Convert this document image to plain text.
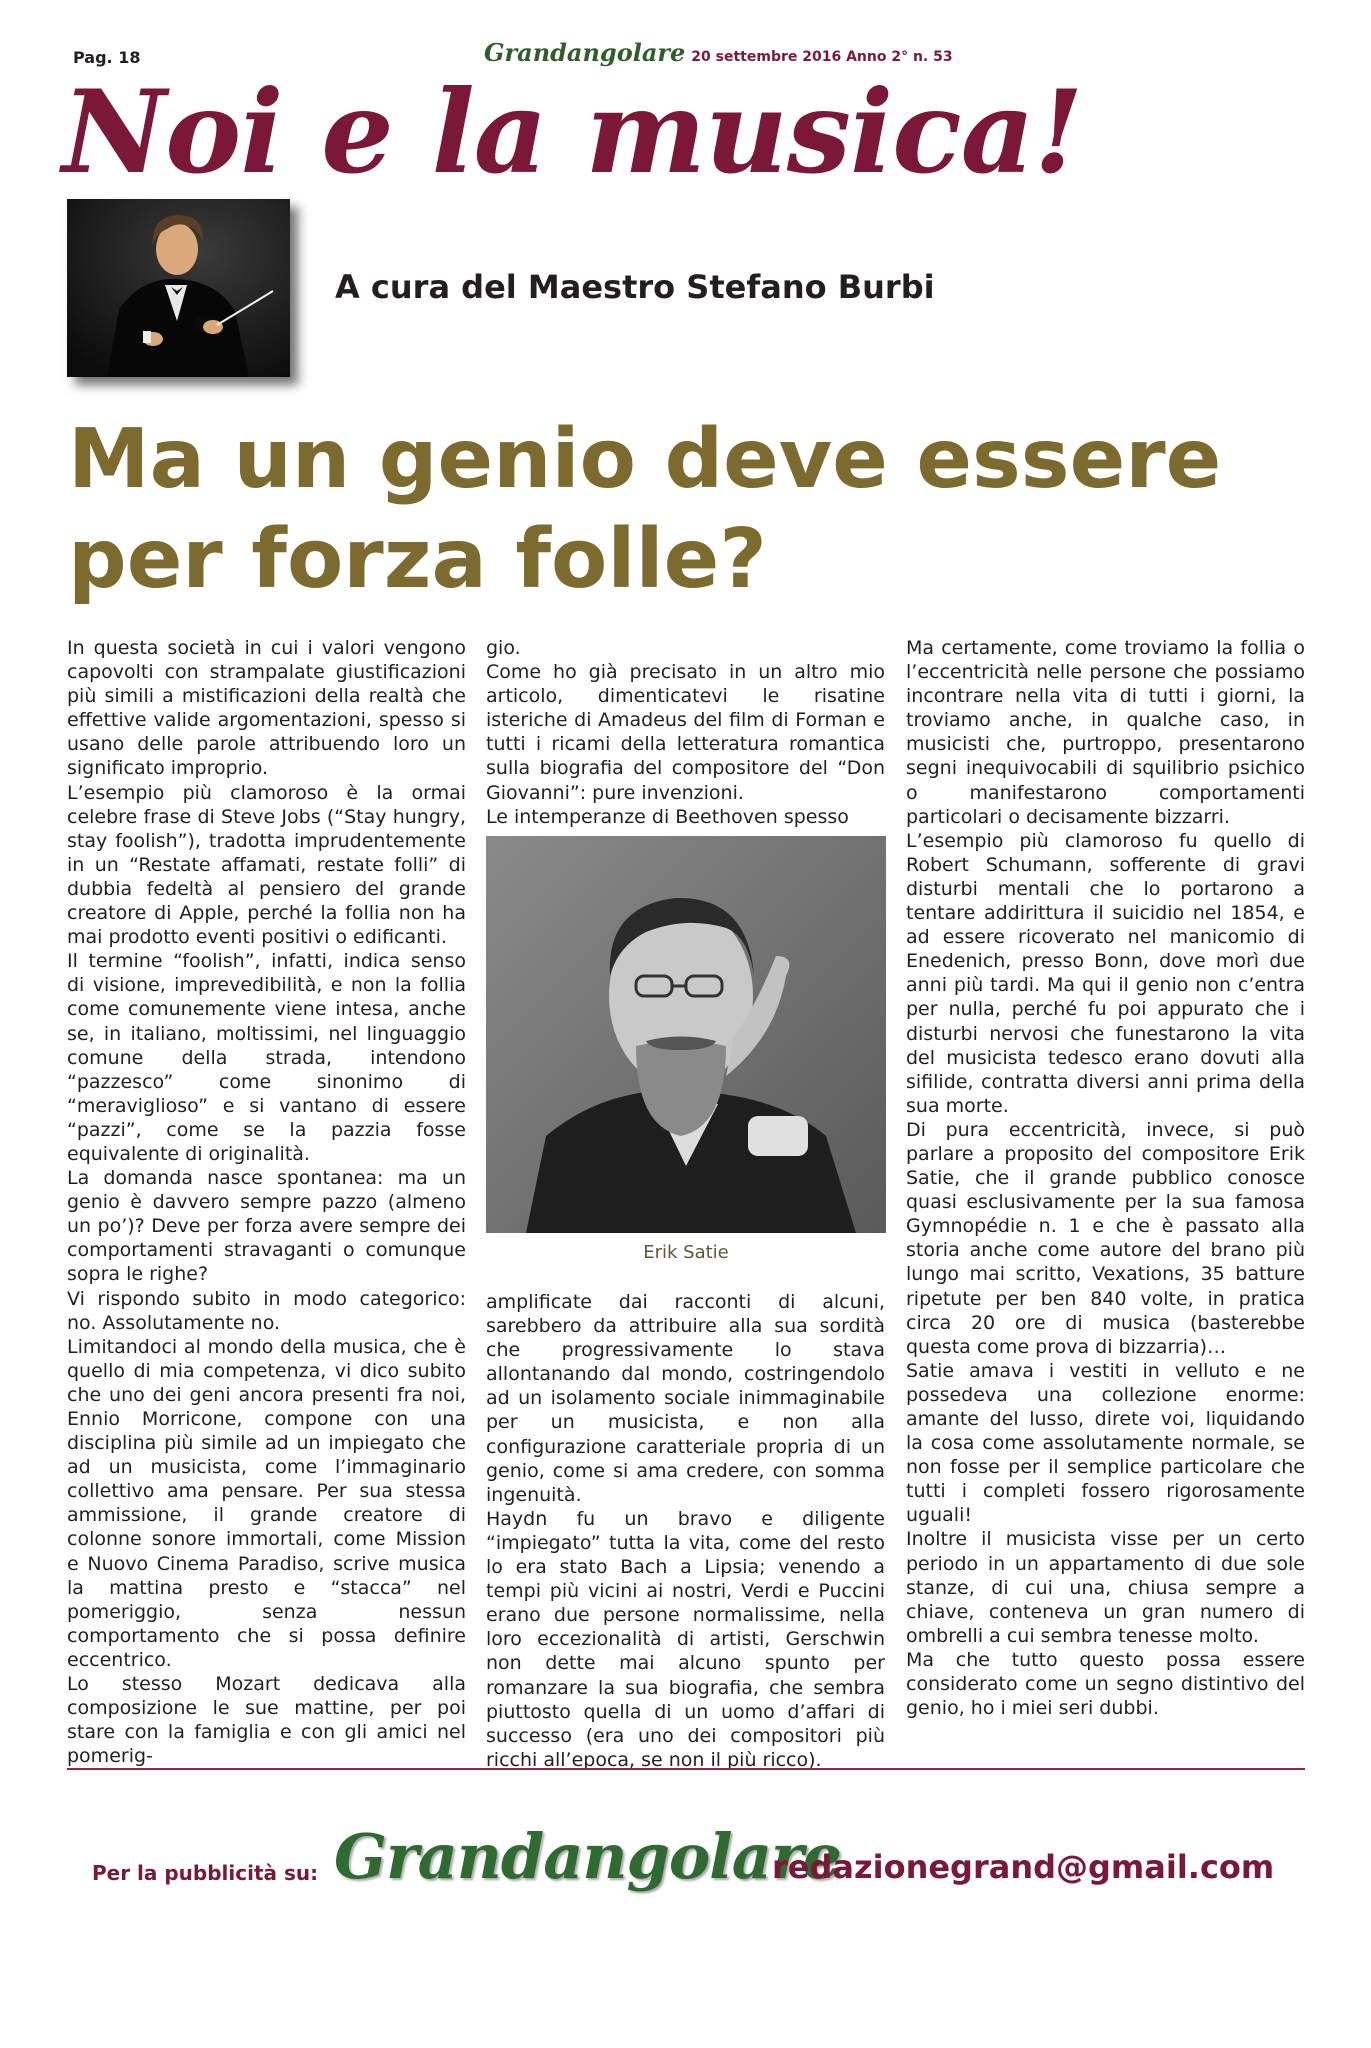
Pag. 18	Grandangolare 20 settembre 2016 Anno 2° n. 53
Noi e la musica!
A cura del Maestro Stefano Burbi
Ma un genio deve essere per forza folle?

In questa società in cui i valori vengono capovolti con strampalate giustificazioni più simili a mistificazioni della realtà che effettive valide argomentazioni, spesso si usano delle parole attribuendo loro un significato improprio.

L’esempio più clamoroso è la ormai celebre frase di Steve Jobs (“Stay hungry, stay foolish”), tradotta imprudentemente in un “Restate affamati, restate folli” di dubbia fedeltà al pensiero del grande creatore di Apple, perché la follia non ha mai prodotto eventi positivi o edificanti.

Il termine “foolish”, infatti, indica senso di visione, imprevedibilità, e non la follia come comunemente viene intesa, anche se, in italiano, moltissimi, nel linguaggio comune della strada, intendono “pazzesco” come sinonimo di “meraviglioso” e si vantano di essere “pazzi”, come se la pazzia fosse equivalente di originalità.

La domanda nasce spontanea: ma un genio è davvero sempre pazzo (almeno un po’)? Deve per forza avere sempre dei comportamenti stravaganti o comunque sopra le righe?

Vi rispondo subito in modo categorico: no. Assolutamente no.

Limitandoci al mondo della musica, che è quello di mia competenza, vi dico subito che uno dei geni ancora presenti fra noi, Ennio Morricone, compone con una disciplina più simile ad un impiegato che ad un musicista, come l’immaginario collettivo ama pensare. Per sua stessa ammissione, il grande creatore di colonne sonore immortali, come Mission e Nuovo Cinema Paradiso, scrive musica la mattina presto e “stacca” nel pomeriggio, senza nessun comportamento che si possa definire eccentrico.

Lo stesso Mozart dedicava alla composizione le sue mattine, per poi stare con la famiglia e con gli amici nel pomerig-

gio.

Come ho già precisato in un altro mio articolo, dimenticatevi le risatine isteriche di Amadeus del film di Forman e tutti i ricami della letteratura romantica sulla biografia del compositore del “Don Giovanni”: pure invenzioni.

Le intemperanze di Beethoven spesso

Erik Satie

amplificate dai racconti di alcuni, sarebbero da attribuire alla sua sordità che progressivamente lo stava allontanando dal mondo, costringendolo ad un isolamento sociale inimmaginabile per un musicista, e non alla configurazione caratteriale propria di un genio, come si ama credere, con somma ingenuità.

Haydn fu un bravo e diligente “impiegato” tutta la vita, come del resto lo era stato Bach a Lipsia; venendo a tempi più vicini ai nostri, Verdi e Puccini erano due persone normalissime, nella loro eccezionalità di artisti, Gerschwin non dette mai alcuno spunto per romanzare la sua biografia, che sembra piuttosto quella di un uomo d’affari di successo (era uno dei compositori più ricchi all’epoca, se non il più ricco).

Ma certamente, come troviamo la follia o l’eccentricità nelle persone che possiamo incontrare nella vita di tutti i giorni, la troviamo anche, in qualche caso, in musicisti che, purtroppo, presentarono segni inequivocabili di squilibrio psichico o manifestarono comportamenti particolari o decisamente bizzarri.

L’esempio più clamoroso fu quello di Robert Schumann, sofferente di gravi disturbi mentali che lo portarono a tentare addirittura il suicidio nel 1854, e ad essere ricoverato nel manicomio di Enedenich, presso Bonn, dove morì due anni più tardi. Ma qui il genio non c’entra per nulla, perché fu poi appurato che i disturbi nervosi che funestarono la vita del musicista tedesco erano dovuti alla sifilide, contratta diversi anni prima della sua morte.

Di pura eccentricità, invece, si può parlare a proposito del compositore Erik Satie, che il grande pubblico conosce quasi esclusivamente per la sua famosa Gymnopédie n. 1 e che è passato alla storia anche come autore del brano più lungo mai scritto, Vexations, 35 batture ripetute per ben 840 volte, in pratica circa 20 ore di musica (basterebbe questa come prova di bizzarria)…

Satie amava i vestiti in velluto e ne possedeva una collezione enorme: amante del lusso, direte voi, liquidando la cosa come assolutamente normale, se non fosse per il semplice particolare che tutti i completi fossero rigorosamente uguali!

Inoltre il musicista visse per un certo periodo in un appartamento di due sole stanze, di cui una, chiusa sempre a chiave, conteneva un gran numero di ombrelli a cui sembra tenesse molto.

Ma che tutto questo possa essere considerato come un segno distintivo del genio, ho i miei seri dubbi.

Per la pubblicità su: Grandangolare
redazionegrand@gmail.com
